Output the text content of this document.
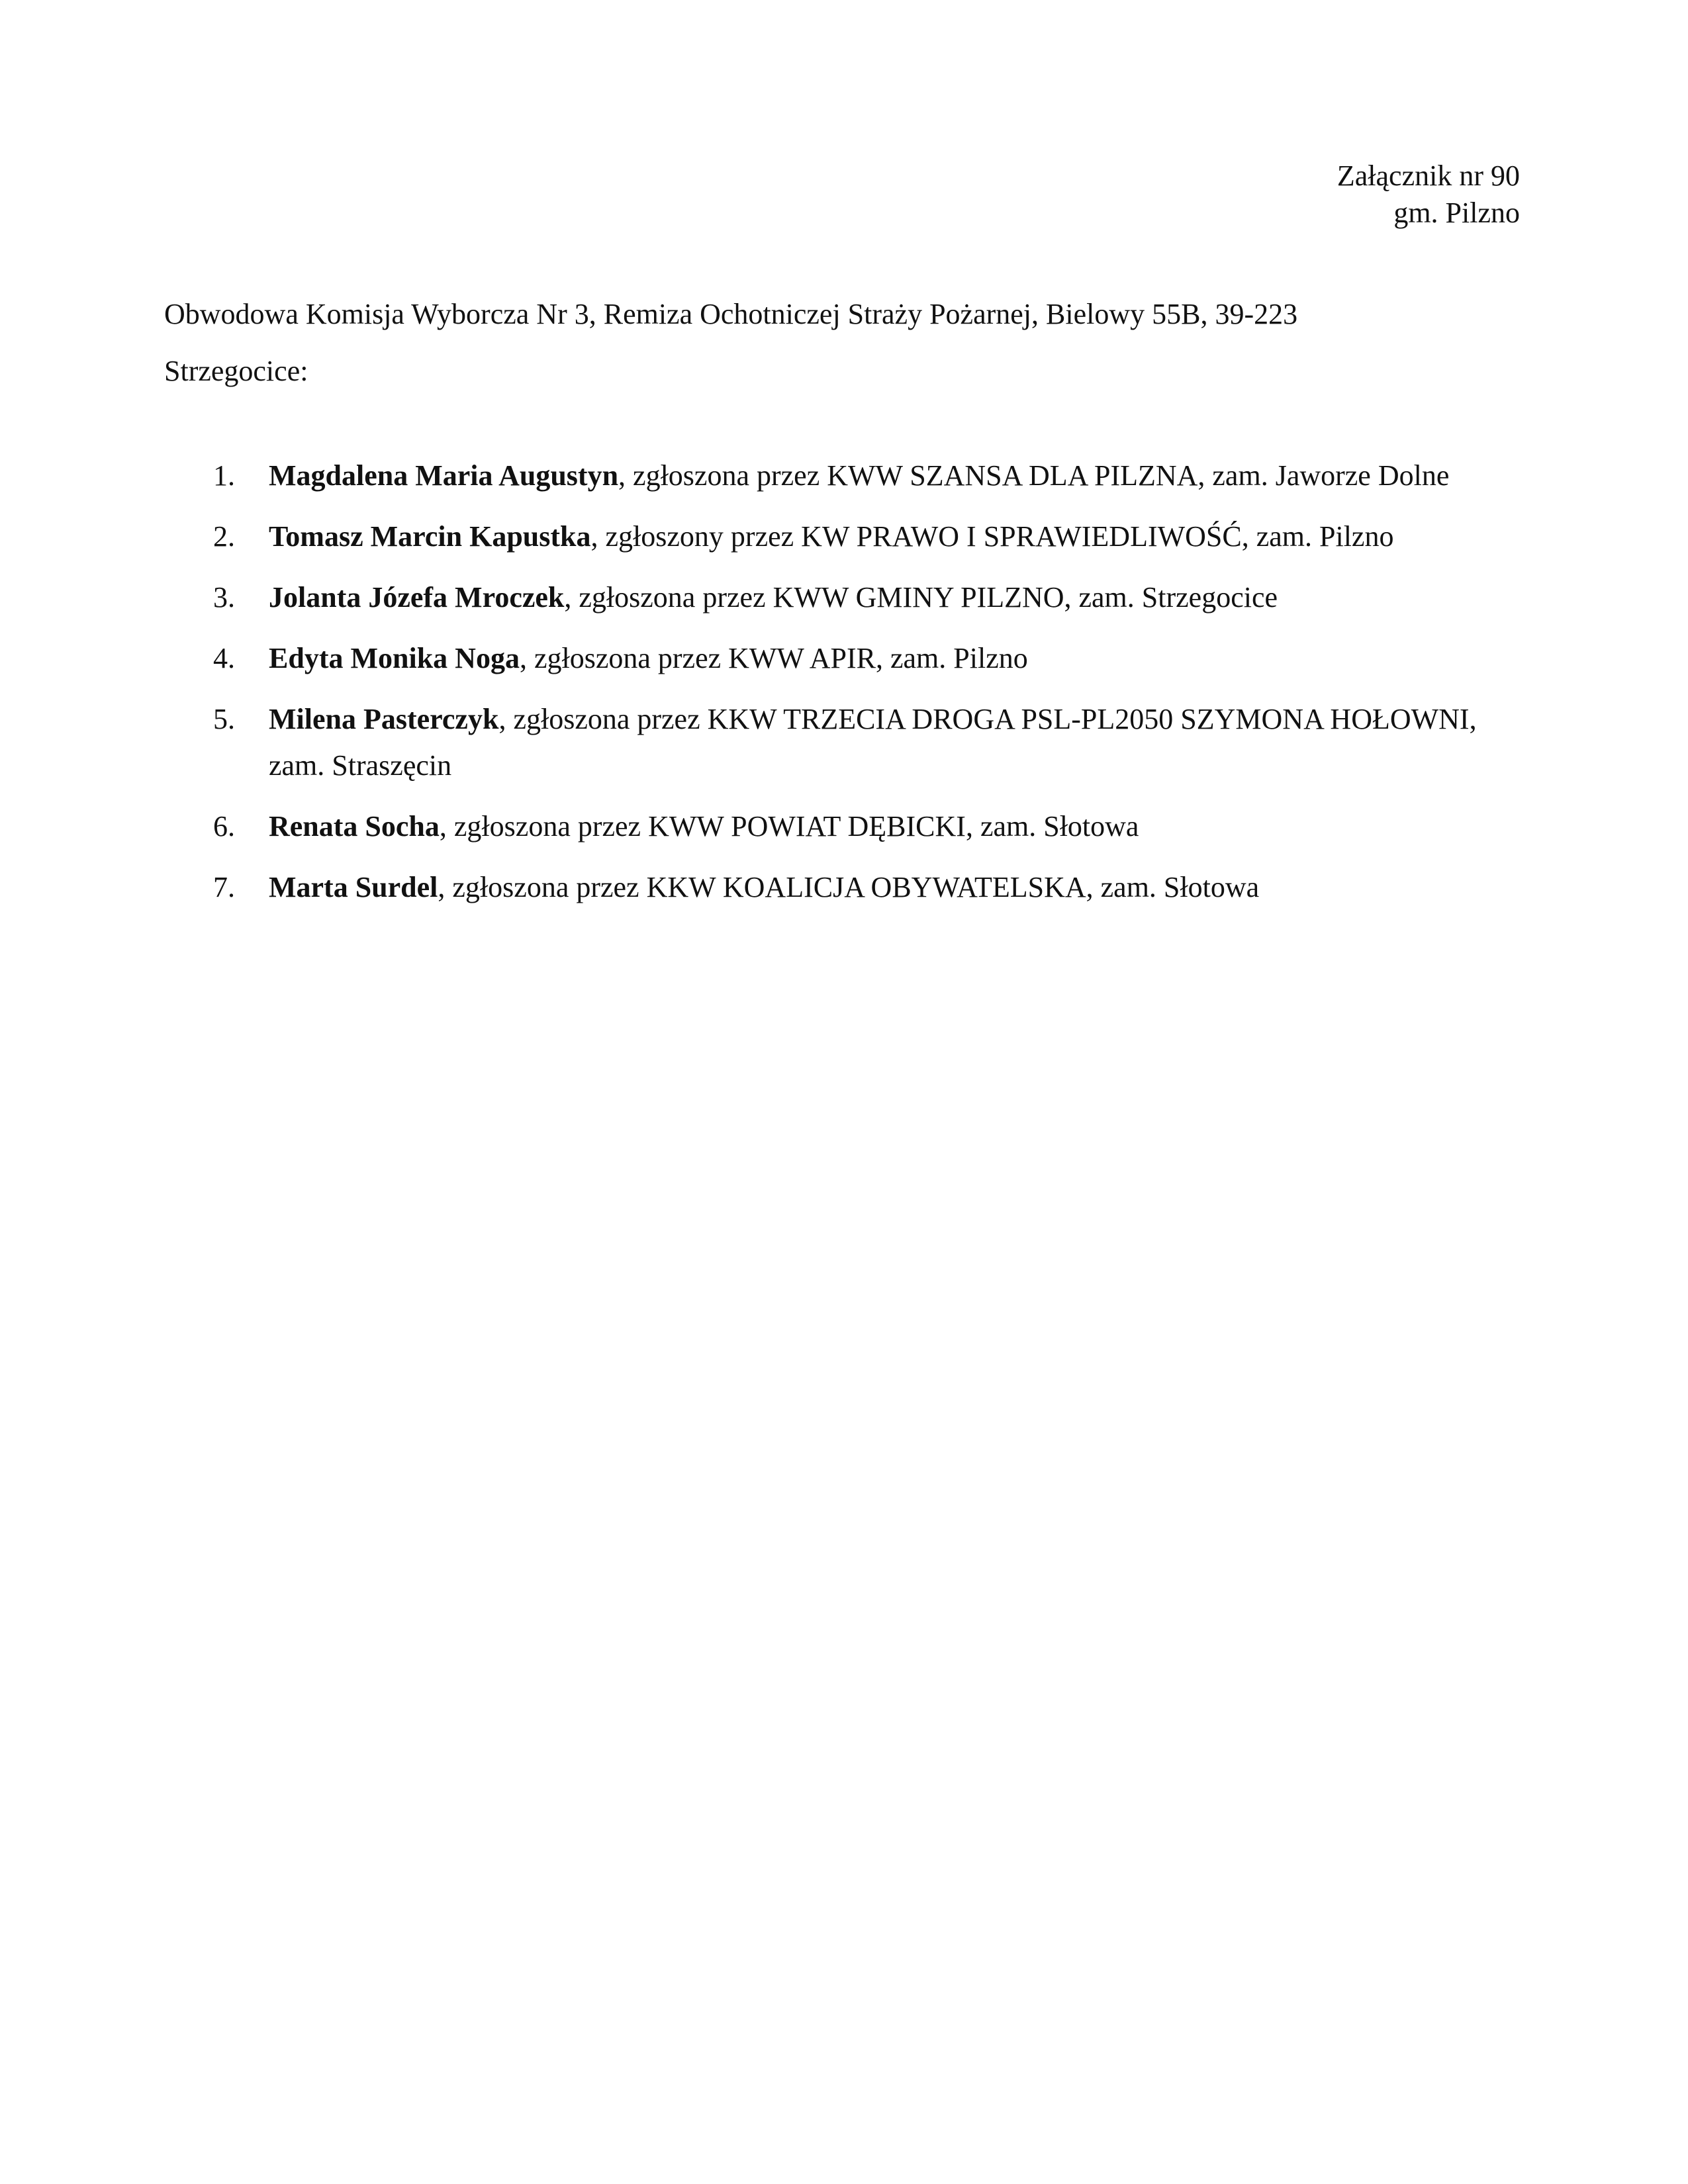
Załącznik nr 90
gm. Pilzno

Obwodowa Komisja Wyborcza Nr 3, Remiza Ochotniczej Straży Pożarnej, Bielowy 55B, 39-223 Strzegocice:

1. Magdalena Maria Augustyn, zgłoszona przez KWW SZANSA DLA PILZNA, zam. Jaworze Dolne
2. Tomasz Marcin Kapustka, zgłoszony przez KW PRAWO I SPRAWIEDLIWOŚĆ, zam. Pilzno
3. Jolanta Józefa Mroczek, zgłoszona przez KWW GMINY PILZNO, zam. Strzegocice
4. Edyta Monika Noga, zgłoszona przez KWW APIR, zam. Pilzno
5. Milena Pasterczyk, zgłoszona przez KKW TRZECIA DROGA PSL-PL2050 SZYMONA HOŁOWNI, zam. Straszęcin
6. Renata Socha, zgłoszona przez KWW POWIAT DĘBICKI, zam. Słotowa
7. Marta Surdel, zgłoszona przez KKW KOALICJA OBYWATELSKA, zam. Słotowa
